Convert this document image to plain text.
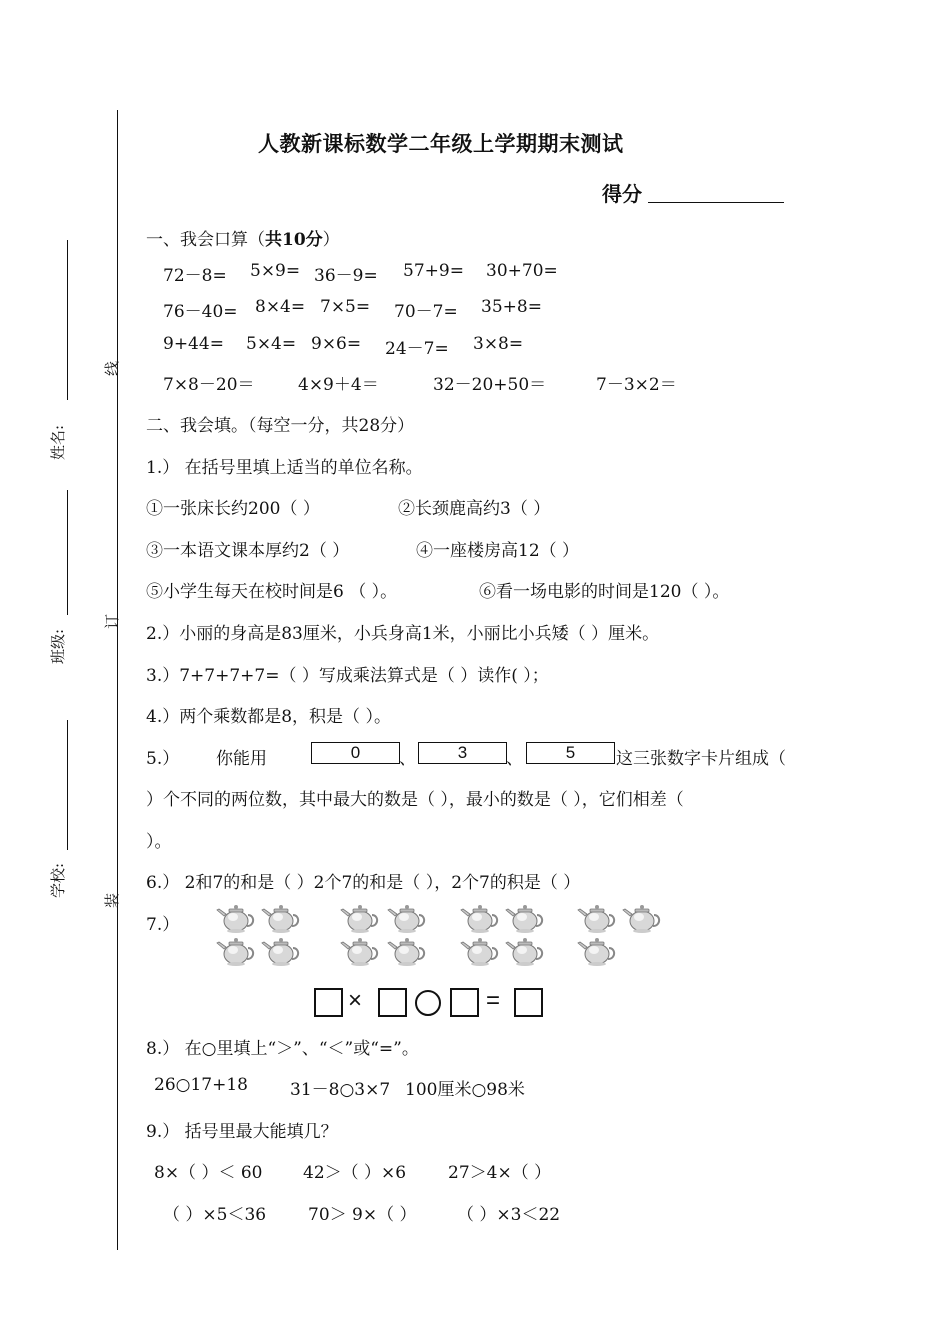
姓名:
班级:
学校:
线
订
装
人教新课标数学二年级上学期期末测试
得分
一、我会口算（共10分）
72－8= 5×9= 36－9= 57+9= 30+70=
76－40= 8×4= 7×5= 70－7= 35+8=
9+44= 5×4= 9×6= 24－7= 3×8=
7×8－20＝	4×9＋4＝	32－20+50＝	7－3×2＝
二、我会填。（每空一分，共28分）
1.） 在括号里填上适当的单位名称。
①一张床长约200（ ）	②长颈鹿高约3（ ）
③一本语文课本厚约2（ ）	④一座楼房高12（ ）
⑤小学生每天在校时间是6 （ ）。	⑥看一场电影的时间是120（ ）。
2.）小丽的身高是83厘米，小兵身高1米，小丽比小兵矮（ ）厘米。
3.）7+7+7+7=（ ）写成乘法算式是（ ）读作( ）；
4.）两个乘数都是8，积是（ ）。
5.） 你能用	0	、	3	、	5	这三张数字卡片组成（
）个不同的两位数，其中最大的数是（ ），最小的数是（ ），它们相差（
）。
6.） 2和7的和是（ ）2个7的和是（ ），2个7的积是（ ）
7.）
×	=
8.） 在○里填上“＞”、“＜”或“=”。
26○17+18 31－8○3×7 100厘米○98米
9.） 括号里最大能填几？
8×（ ）＜ 60 42＞（ ）×6 27＞4×（ ）
（ ）×5＜36 70＞ 9×（ ） （ ）×3＜22
